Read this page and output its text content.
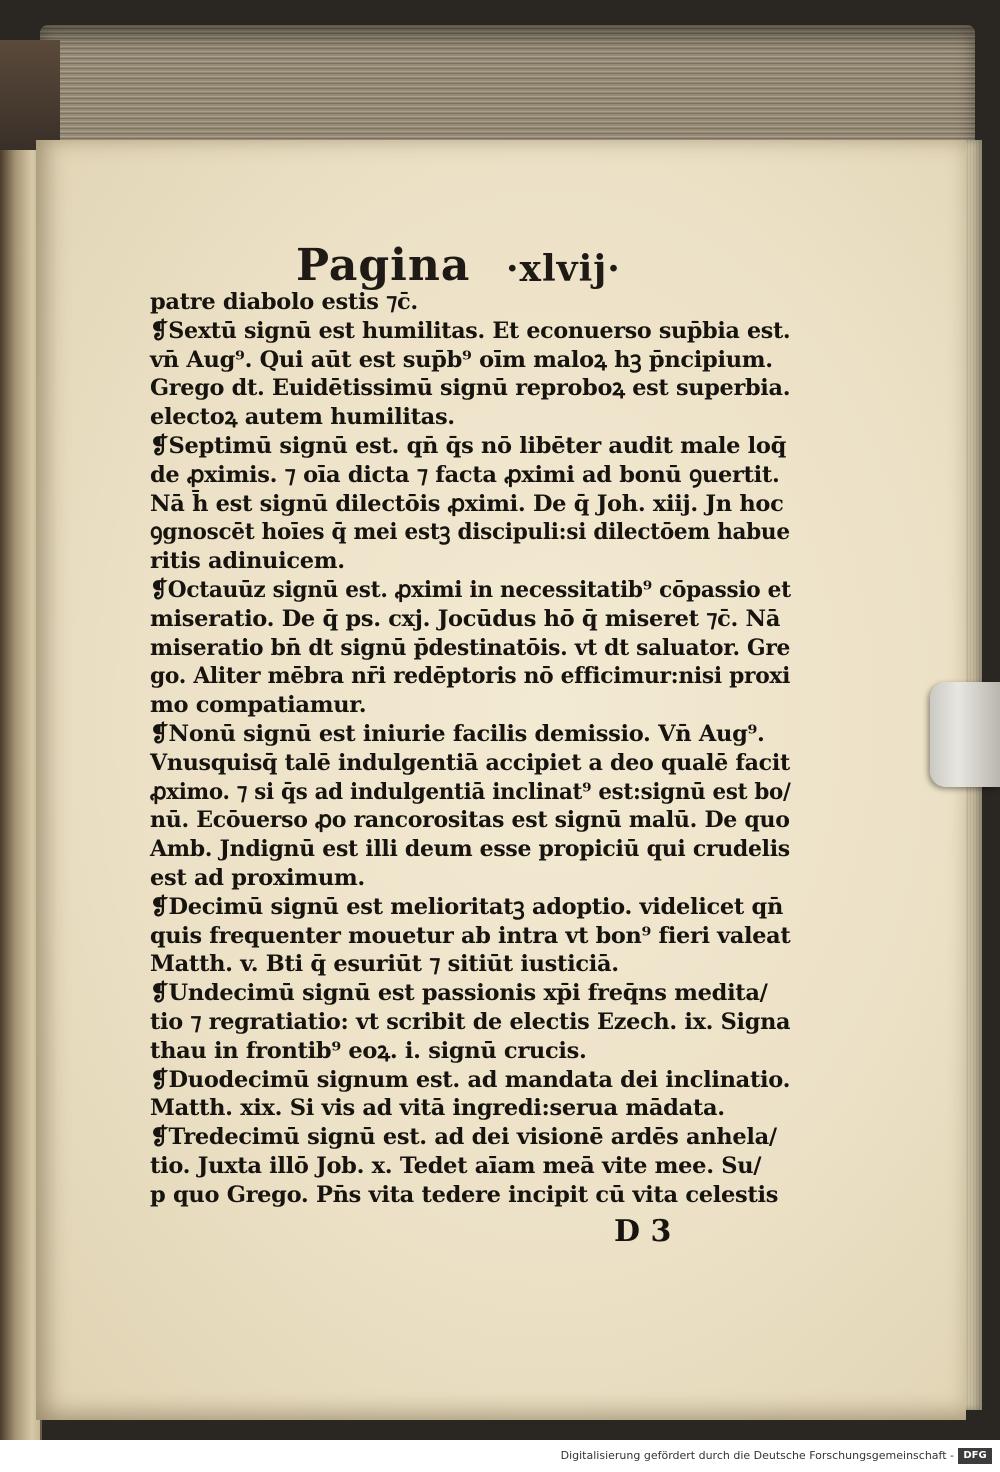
Pagina ·xlvij·
patre diabolo estis ⁊c̄.
❡Sextū signū est humilitas. Et econuerso sup̄bia est.
vn̄ Aug⁹. Qui aūt est sup̄b⁹ oīm maloꝝ hꝫ p̄ncipium.
Grego dt. Euidētissimū signū reproboꝝ est superbia.
electoꝝ autem humilitas.
❡Septimū signū est. qn̄ q̄s nō libēter audit male loq̄
de ꝓximis. ⁊ oīa dicta ⁊ facta ꝓximi ad bonū ꝯuertit.
Nā h̄ est signū dilectōis ꝓximi. De q̄ Joh. xiij. Jn hoc
ꝯgnoscēt hoīes q̄ mei estꝫ discipuli:si dilectōem habue
ritis adinuicem.
❡Octauūz signū est. ꝓximi in necessitatib⁹ cōpassio et
miseratio. De q̄ ps. cxj. Jocūdus hō q̄ miseret ⁊c̄. Nā
miseratio bn̄ dt signū p̄destinatōis. vt dt saluator. Gre
go. Aliter mēbra nr̄i redēptoris nō efficimur:nisi proxi
mo compatiamur.
❡Nonū signū est iniurie facilis demissio. Vn̄ Aug⁹.
Vnusquisq̄ talē indulgentiā accipiet a deo qualē facit
ꝓximo. ⁊ si q̄s ad indulgentiā inclinat⁹ est:signū est bo/
nū. Ecōuerso ꝓo rancorositas est signū malū. De quo
Amb. Jndignū est illi deum esse propiciū qui crudelis
est ad proximum.
❡Decimū signū est melioritatꝫ adoptio. videlicet qn̄
quis frequenter mouetur ab intra vt bon⁹ fieri valeat
Matth. v. Bti q̄ esuriūt ⁊ sitiūt iusticiā.
❡Undecimū signū est passionis xp̄i freq̄ns medita/
tio ⁊ regratiatio: vt scribit de electis Ezech. ix. Signa
thau in frontib⁹ eoꝝ. i. signū crucis.
❡Duodecimū signum est. ad mandata dei inclinatio.
Matth. xix. Si vis ad vitā ingredi:serua mādata.
❡Tredecimū signū est. ad dei visionē ardēs anhela/
tio. Juxta illō Job. x. Tedet aīam meā vite mee. Su/
p quo Grego. Pn̄s vita tedere incipit cū vita celestis
D 3
Digitalisierung gefördert durch die Deutsche Forschungsgemeinschaft - DFG
